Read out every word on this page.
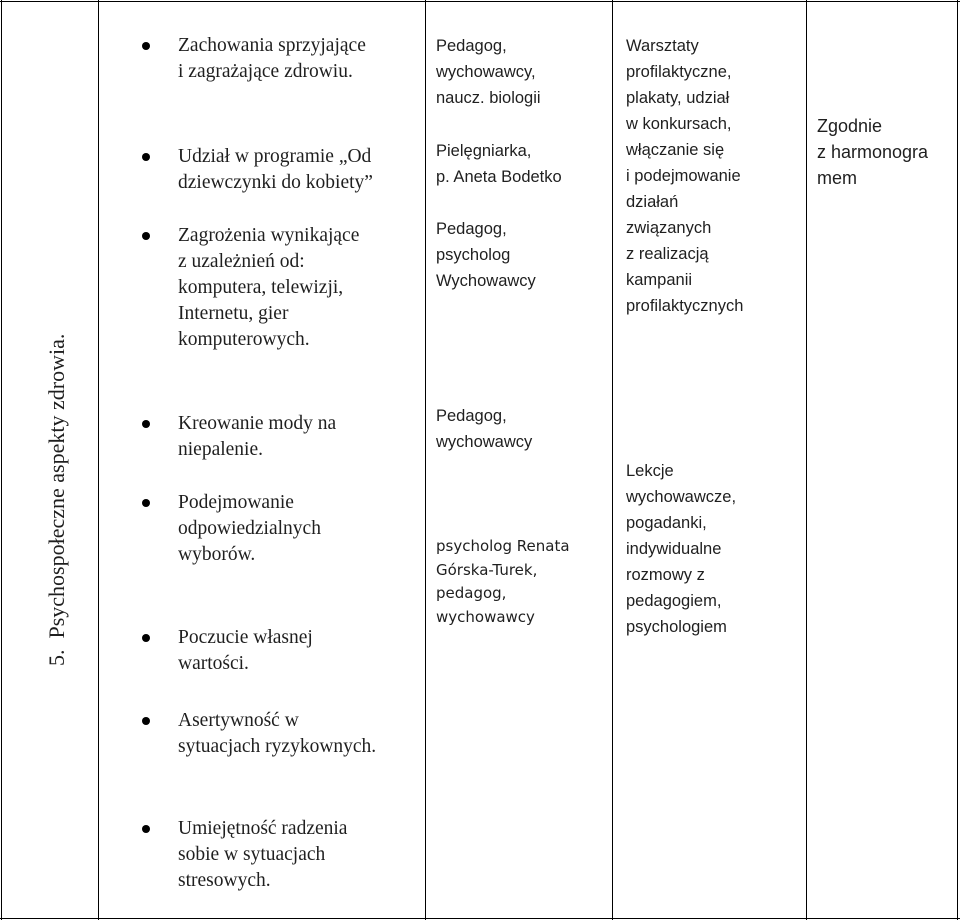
5.  Psychospołeczne aspekty zdrowia.

Zachowania sprzyjające
i zagrażające zdrowiu.

Udział w programie „Od
dziewczynki do kobiety”

Zagrożenia wynikające
z uzależnień od:
komputera, telewizji,
Internetu, gier
komputerowych.

Kreowanie mody na
niepalenie.

Podejmowanie
odpowiedzialnych
wyborów.

Poczucie własnej
wartości.

Asertywność w
sytuacjach ryzykownych.

Umiejętność radzenia
sobie w sytuacjach
stresowych.

Pedagog,
wychowawcy,
naucz. biologii

Pielęgniarka,
p. Aneta Bodetko

Pedagog,
psycholog
Wychowawcy

Pedagog,
wychowawcy

psycholog Renata
Górska-Turek,
pedagog,
wychowawcy

Warsztaty
profilaktyczne,
plakaty, udział
w konkursach,
włączanie się
i podejmowanie
działań
związanych
z realizacją
kampanii
profilaktycznych

Lekcje
wychowawcze,
pogadanki,
indywidualne
rozmowy z
pedagogiem,
psychologiem

Zgodnie
z harmonogra
mem
